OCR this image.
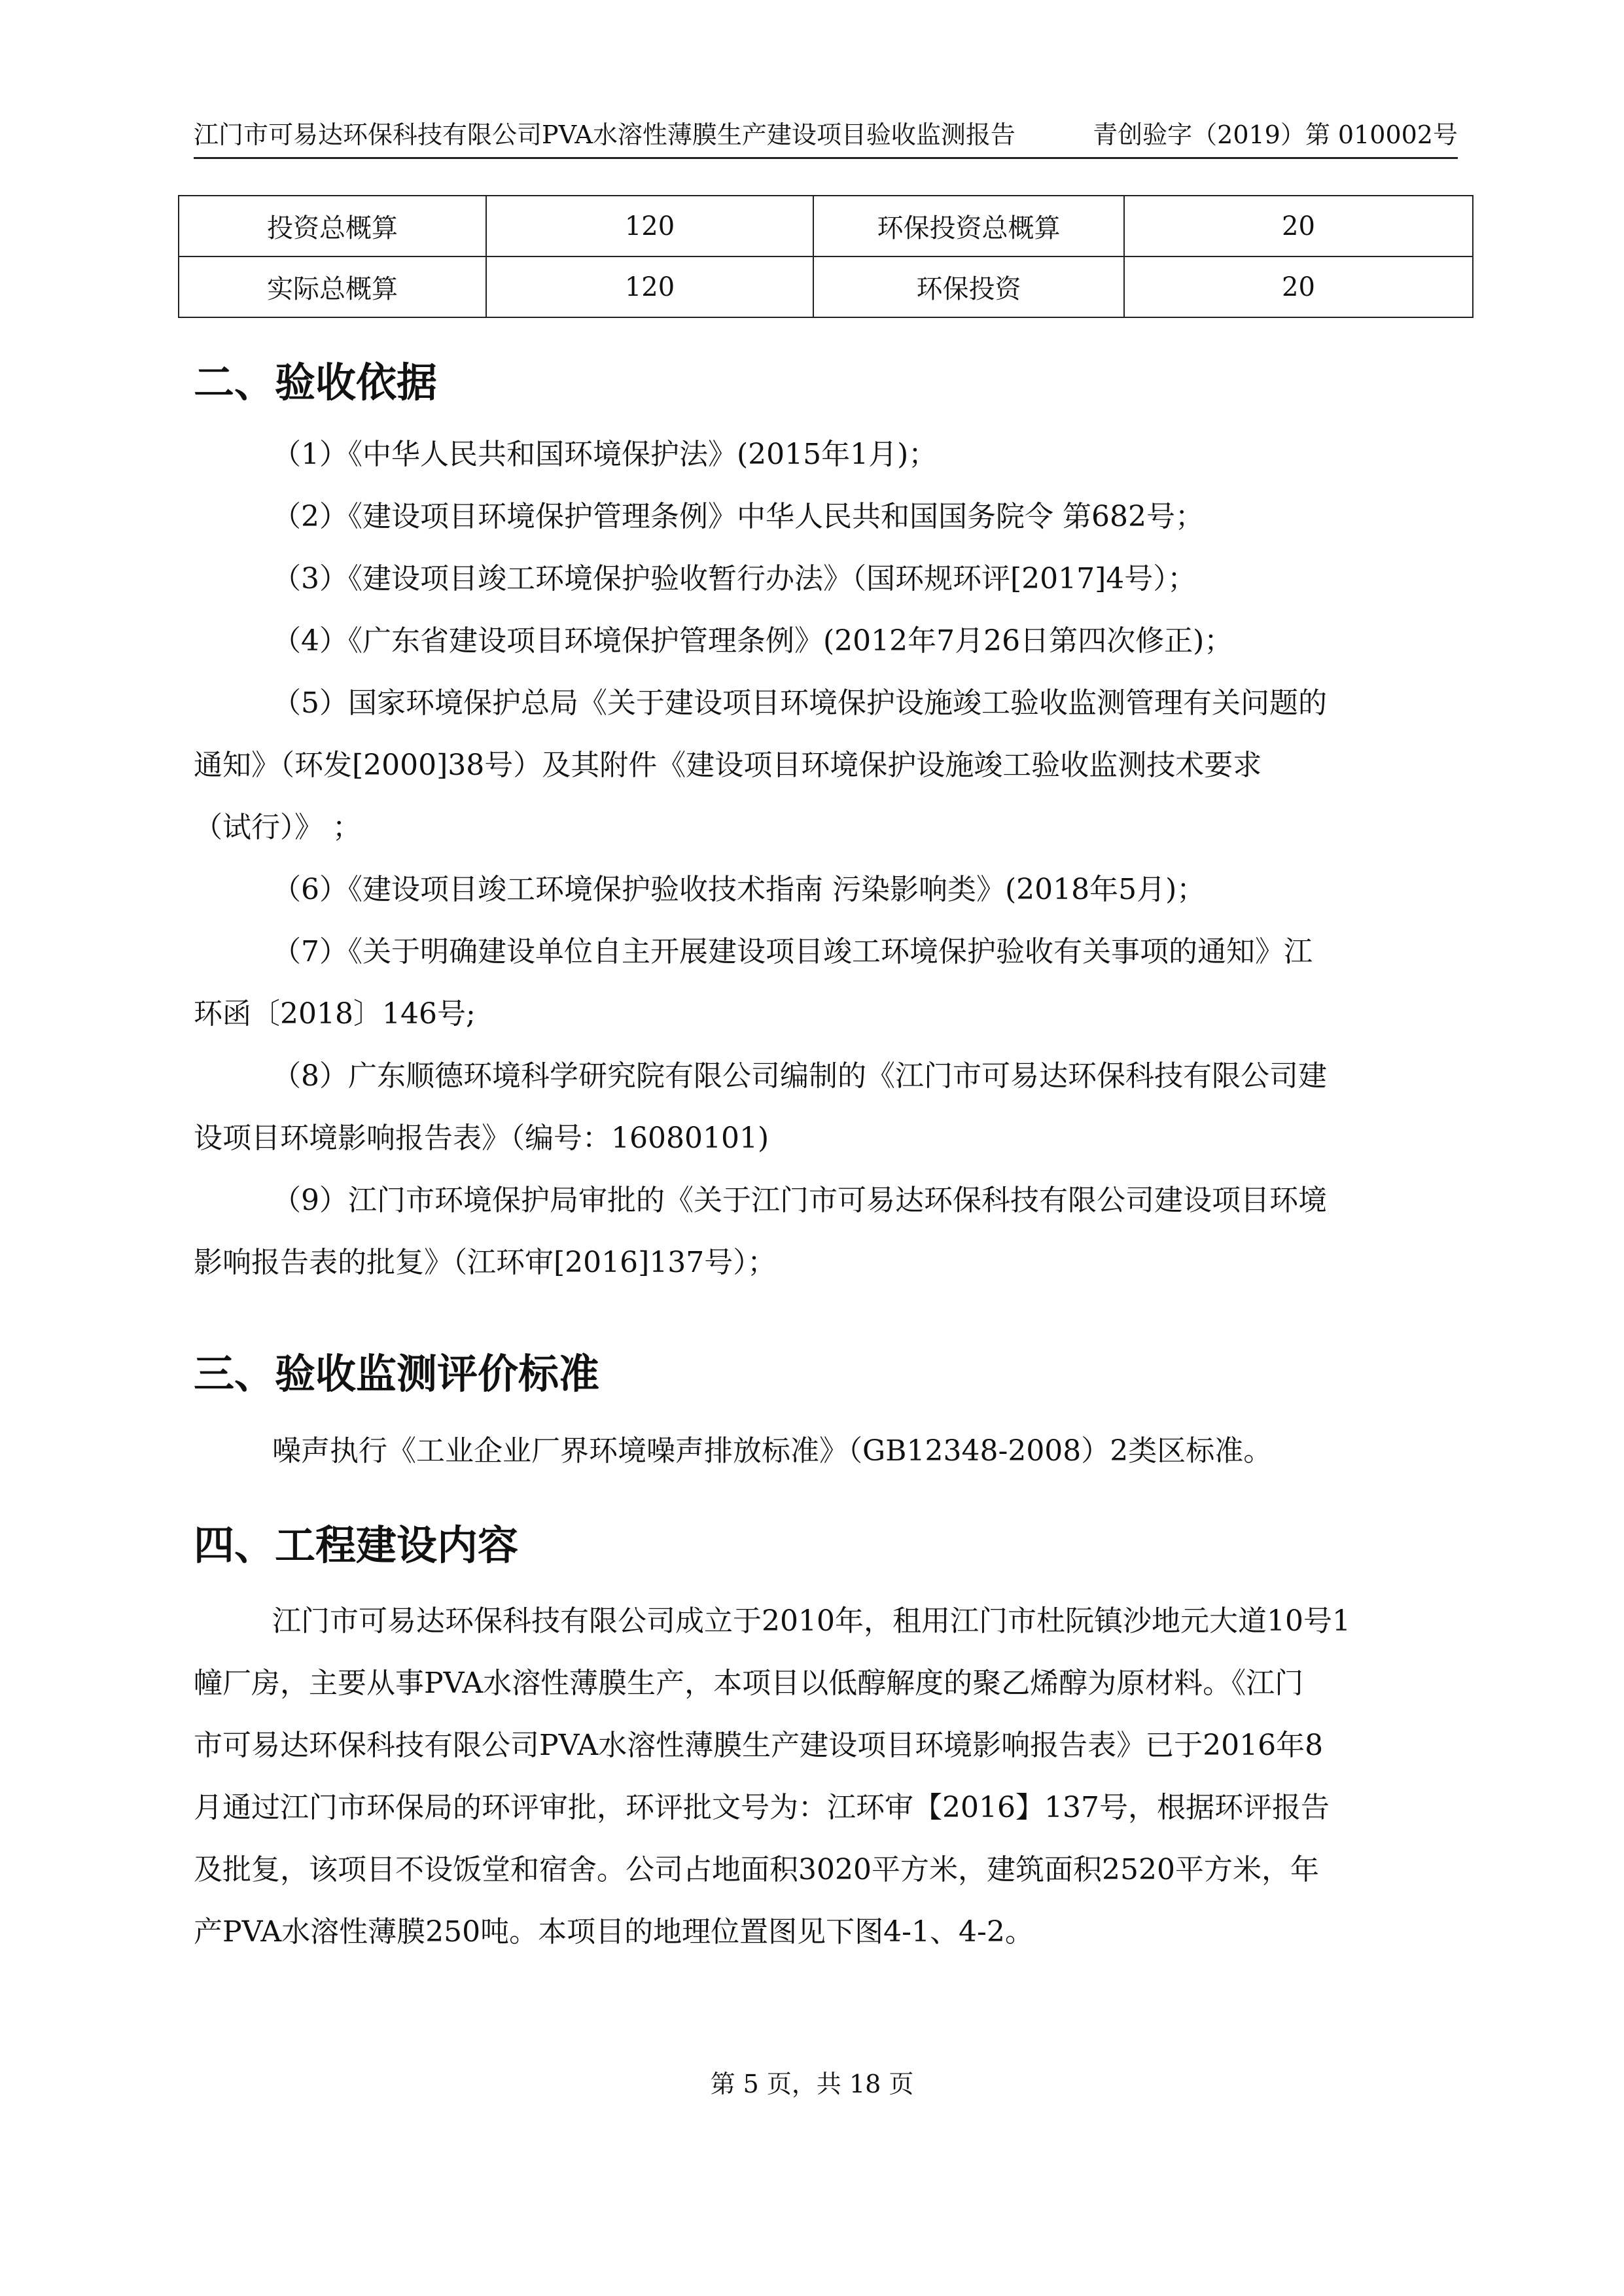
江门市可易达环保科技有限公司PVA水溶性薄膜生产建设项目验收监测报告	青创验字（2019）第 010002号
投资总概算	120	环保投资总概算	20
实际总概算	120	环保投资	20
二、验收依据
（1）《中华人民共和国环境保护法》(2015年1月)；
（2）《建设项目环境保护管理条例》中华人民共和国国务院令 第682号；
（3）《建设项目竣工环境保护验收暂行办法》（国环规环评[2017]4号）；
（4）《广东省建设项目环境保护管理条例》(2012年7月26日第四次修正)；
（5）国家环境保护总局《关于建设项目环境保护设施竣工验收监测管理有关问题的
通知》（环发[2000]38号）及其附件《建设项目环境保护设施竣工验收监测技术要求
（试行）》 ；
（6）《建设项目竣工环境保护验收技术指南 污染影响类》(2018年5月)；
（7）《关于明确建设单位自主开展建设项目竣工环境保护验收有关事项的通知》江
环函〔2018〕146号;
（8）广东顺德环境科学研究院有限公司编制的《江门市可易达环保科技有限公司建
设项目环境影响报告表》（编号：16080101)
（9）江门市环境保护局审批的《关于江门市可易达环保科技有限公司建设项目环境
影响报告表的批复》（江环审[2016]137号）；
三、验收监测评价标准
噪声执行《工业企业厂界环境噪声排放标准》（GB12348-2008）2类区标准。
四、工程建设内容
江门市可易达环保科技有限公司成立于2010年，租用江门市杜阮镇沙地元大道10号1
幢厂房，主要从事PVA水溶性薄膜生产，本项目以低醇解度的聚乙烯醇为原材料。《江门
市可易达环保科技有限公司PVA水溶性薄膜生产建设项目环境影响报告表》已于2016年8
月通过江门市环保局的环评审批，环评批文号为：江环审【2016】137号，根据环评报告
及批复，该项目不设饭堂和宿舍。公司占地面积3020平方米，建筑面积2520平方米，年
产PVA水溶性薄膜250吨。本项目的地理位置图见下图4-1、4-2。
第 5 页，共 18 页
